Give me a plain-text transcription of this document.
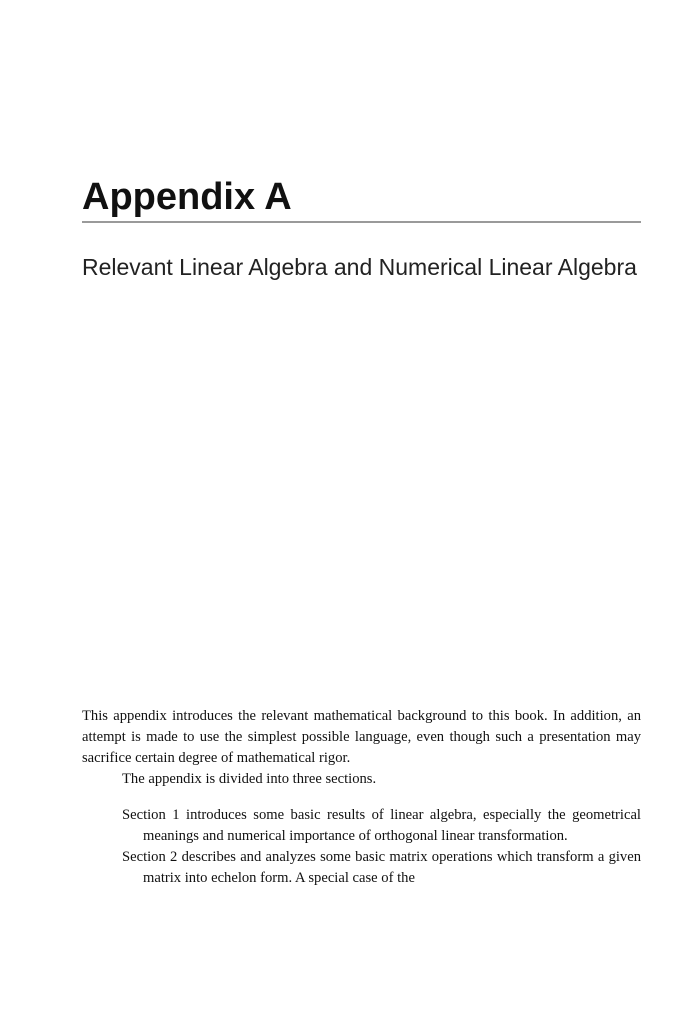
Appendix A
Relevant Linear Algebra and Numerical Linear Algebra

This appendix introduces the relevant mathematical background to this book. In addition, an attempt is made to use the simplest possible language, even though such a presentation may sacrifice certain degree of mathematical rigor.

The appendix is divided into three sections.

Section 1 introduces some basic results of linear algebra, especially the geometrical meanings and numerical importance of orthogonal linear transformation.
Section 2 describes and analyzes some basic matrix operations which transform a given matrix into echelon form. A special case of the
